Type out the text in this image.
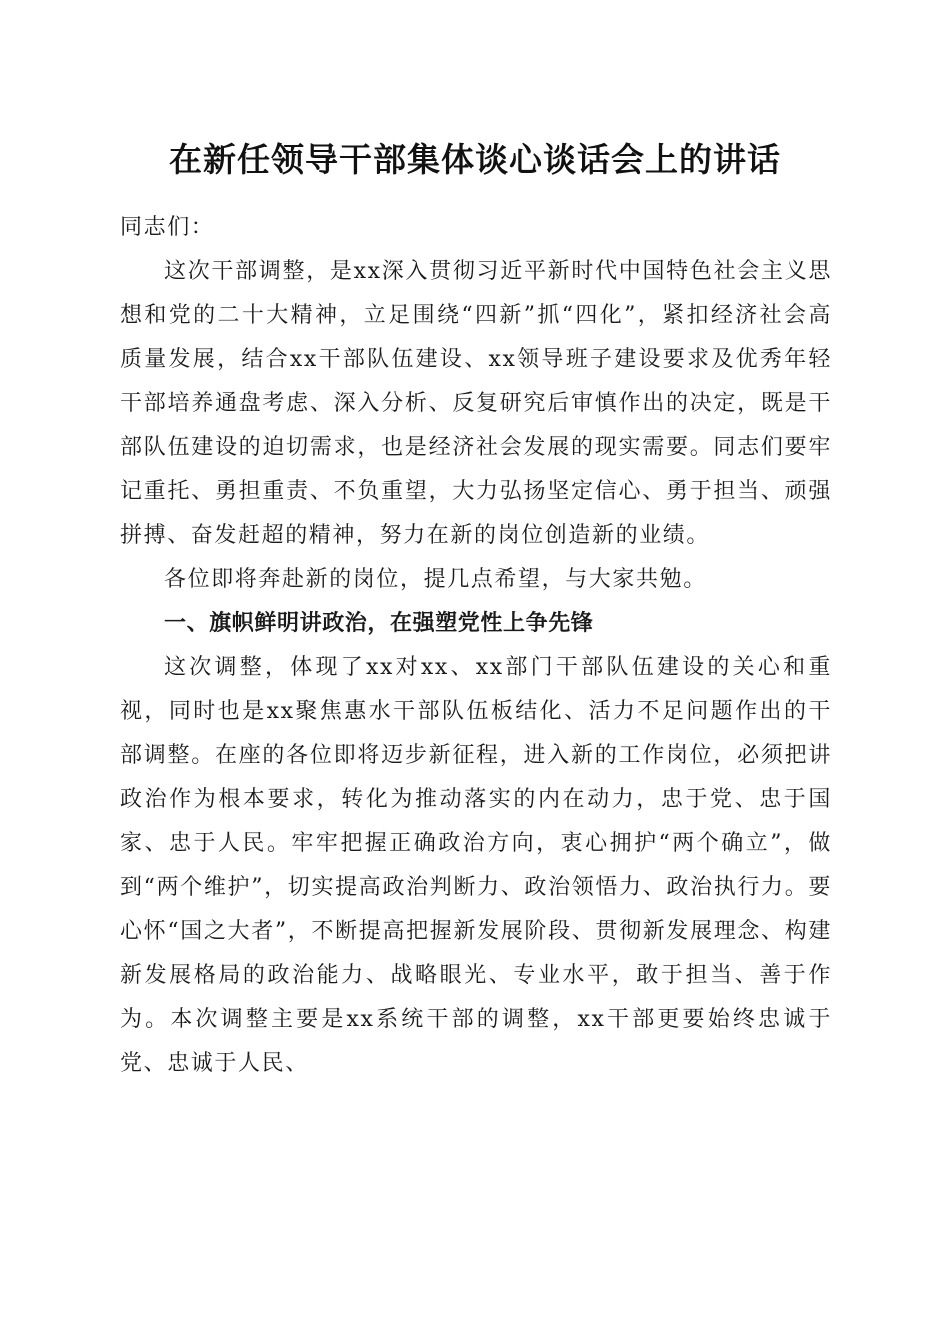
在新任领导干部集体谈心谈话会上的讲话

同志们：

这次干部调整，是xx深入贯彻习近平新时代中国特色社会主义思想和党的二十大精神，立足围绕“四新”抓“四化”，紧扣经济社会高质量发展，结合xx干部队伍建设、xx领导班子建设要求及优秀年轻干部培养通盘考虑、深入分析、反复研究后审慎作出的决定，既是干部队伍建设的迫切需求，也是经济社会发展的现实需要。同志们要牢记重托、勇担重责、不负重望，大力弘扬坚定信心、勇于担当、顽强拼搏、奋发赶超的精神，努力在新的岗位创造新的业绩。

各位即将奔赴新的岗位，提几点希望，与大家共勉。

一、旗帜鲜明讲政治，在强塑党性上争先锋

这次调整，体现了xx对xx、xx部门干部队伍建设的关心和重视，同时也是xx聚焦惠水干部队伍板结化、活力不足问题作出的干部调整。在座的各位即将迈步新征程，进入新的工作岗位，必须把讲政治作为根本要求，转化为推动落实的内在动力，忠于党、忠于国家、忠于人民。牢牢把握正确政治方向，衷心拥护“两个确立”，做到“两个维护”，切实提高政治判断力、政治领悟力、政治执行力。要心怀“国之大者”，不断提高把握新发展阶段、贯彻新发展理念、构建新发展格局的政治能力、战略眼光、专业水平，敢于担当、善于作为。本次调整主要是xx系统干部的调整，xx干部更要始终忠诚于党、忠诚于人民、
